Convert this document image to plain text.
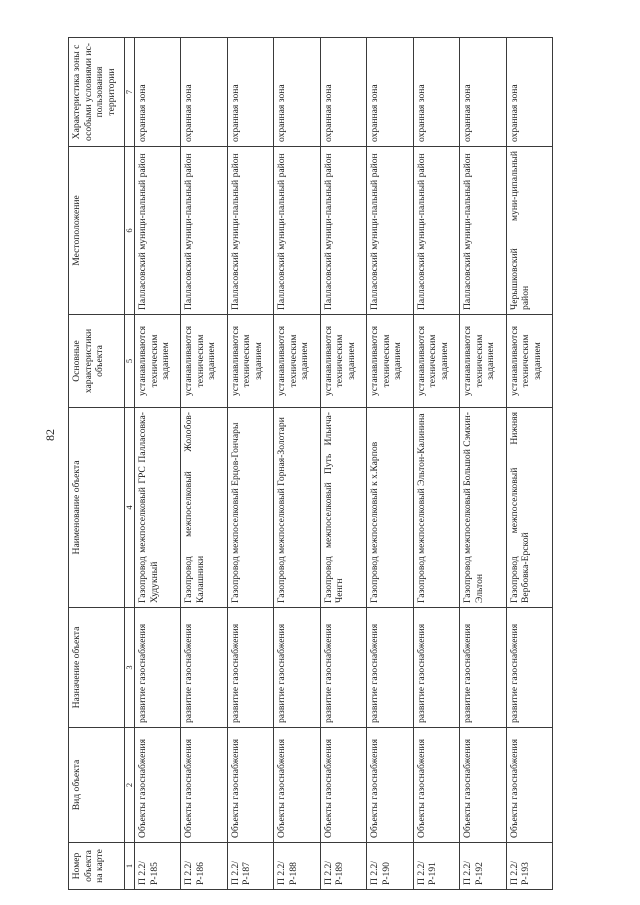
82
Номер объекта на карте	Вид объекта	Назначение объекта	Наименование объекта	Основные характеристики объекта	Местоположение	Характеристика зоны с особыми условиями ис-пользования территории
1	2	3	4	5	6	7
П 2.2/ Р-185	Объекты газоснабжения	развитие газоснабжения	Газопровод межпоселковый ГРС Палласовка-Худукный	устанавливаются техническим заданием	Палласовский муници-пальный район	охранная зона
П 2.2/ Р-186	Объекты газоснабжения	развитие газоснабжения	Газопровод межпоселковый Жолобов-Калашники	устанавливаются техническим заданием	Палласовский муници-пальный район	охранная зона
П 2.2/ Р-187	Объекты газоснабжения	развитие газоснабжения	Газопровод межпоселковый Ерцов-Гончары	устанавливаются техническим заданием	Палласовский муници-пальный район	охранная зона
П 2.2/ Р-188	Объекты газоснабжения	развитие газоснабжения	Газопровод межпоселковый Горная-Золотари	устанавливаются техническим заданием	Палласовский муници-пальный район	охранная зона
П 2.2/ Р-189	Объекты газоснабжения	развитие газоснабжения	Газопровод межпоселковый Путь Ильича-Ченгн	устанавливаются техническим заданием	Палласовский муници-пальный район	охранная зона
П 2.2/ Р-190	Объекты газоснабжения	развитие газоснабжения	Газопровод межпоселковый к х.Карпов	устанавливаются техническим заданием	Палласовский муници-пальный район	охранная зона
П 2.2/ Р-191	Объекты газоснабжения	развитие газоснабжения	Газопровод межпоселковый Эльтон-Калинина	устанавливаются техническим заданием	Палласовский муници-пальный район	охранная зона
П 2.2/ Р-192	Объекты газоснабжения	развитие газоснабжения	Газопровод межпоселковый Большой Сэмкин-Эльтон	устанавливаются техническим заданием	Палласовский муници-пальный район	охранная зона
П 2.2/ Р-193	Объекты газоснабжения	развитие газоснабжения	Газопровод межпоселковый Нижняя Вербовка-Ерской	устанавливаются техническим заданием	Черышковский муни-ципальный район	охранная зона
